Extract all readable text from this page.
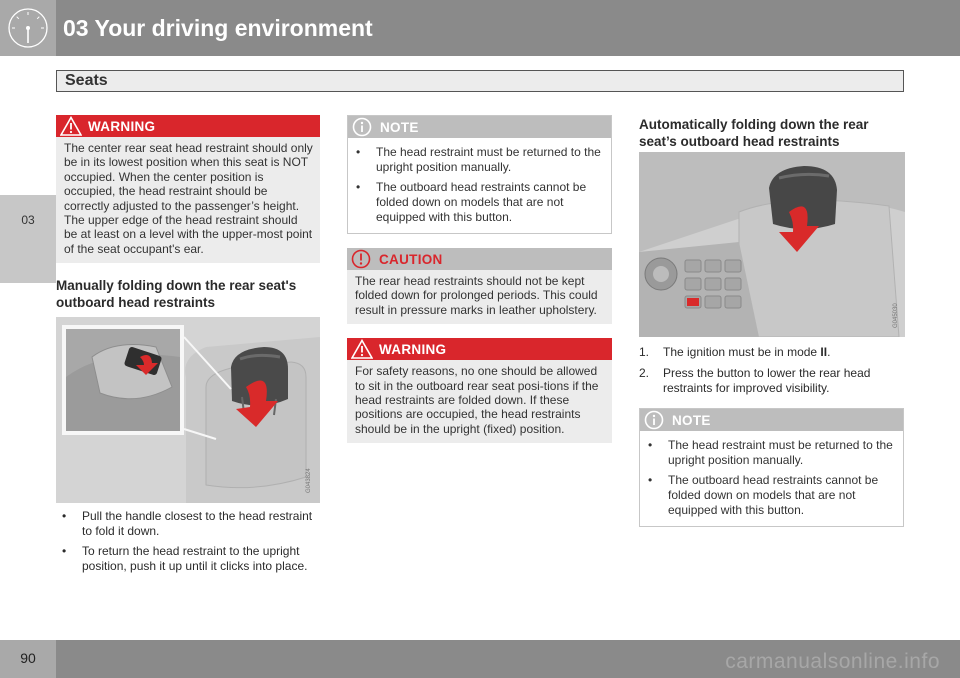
03 Your driving environment
Seats
03
WARNING
The center rear seat head restraint should only be in its lowest position when this seat is NOT occupied. When the center position is occupied, the head restraint should be correctly adjusted to the passenger’s height. The upper edge of the head restraint should be at least on a level with the upper-most point of the seat occupant's ear.
Manually folding down the rear seat's outboard head restraints
G043824
• Pull the handle closest to the head restraint to fold it down.
• To return the head restraint to the upright position, push it up until it clicks into place.
NOTE
• The head restraint must be returned to the upright position manually.
• The outboard head restraints cannot be folded down on models that are not equipped with this button.
CAUTION
The rear head restraints should not be kept folded down for prolonged periods. This could result in pressure marks in leather upholstery.
WARNING
For safety reasons, no one should be allowed to sit in the outboard rear seat posi-tions if the head restraints are folded down. If these positions are occupied, the head restraints should be in the upright (fixed) position.
Automatically folding down the rear seat’s outboard head restraints
G045030
1. The ignition must be in mode II.
2. Press the button to lower the rear head restraints for improved visibility.
NOTE
• The head restraint must be returned to the upright position manually.
• The outboard head restraints cannot be folded down on models that are not equipped with this button.
90	carmanualsonline.info
